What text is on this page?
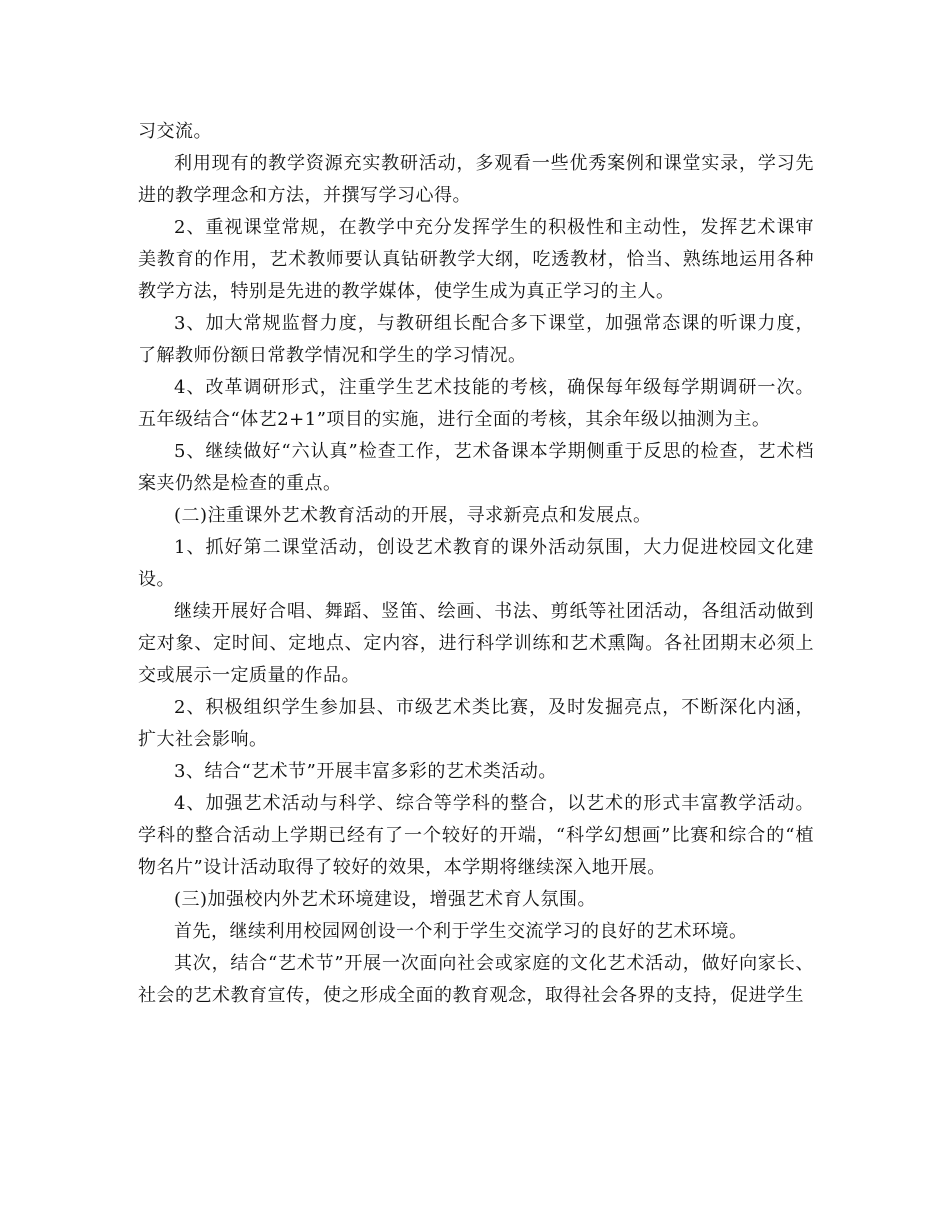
习交流。

利用现有的教学资源充实教研活动，多观看一些优秀案例和课堂实录，学习先进的教学理念和方法，并撰写学习心得。

2、重视课堂常规，在教学中充分发挥学生的积极性和主动性，发挥艺术课审美教育的作用，艺术教师要认真钻研教学大纲，吃透教材，恰当、熟练地运用各种教学方法，特别是先进的教学媒体，使学生成为真正学习的主人。

3、加大常规监督力度，与教研组长配合多下课堂，加强常态课的听课力度，了解教师份额日常教学情况和学生的学习情况。

4、改革调研形式，注重学生艺术技能的考核，确保每年级每学期调研一次。五年级结合“体艺2+1”项目的实施，进行全面的考核，其余年级以抽测为主。

5、继续做好“六认真”检查工作，艺术备课本学期侧重于反思的检查，艺术档案夹仍然是检查的重点。

(二)注重课外艺术教育活动的开展，寻求新亮点和发展点。

1、抓好第二课堂活动，创设艺术教育的课外活动氛围，大力促进校园文化建设。

继续开展好合唱、舞蹈、竖笛、绘画、书法、剪纸等社团活动，各组活动做到定对象、定时间、定地点、定内容，进行科学训练和艺术熏陶。各社团期末必须上交或展示一定质量的作品。

2、积极组织学生参加县、市级艺术类比赛，及时发掘亮点，不断深化内涵，扩大社会影响。

3、结合“艺术节”开展丰富多彩的艺术类活动。

4、加强艺术活动与科学、综合等学科的整合，以艺术的形式丰富教学活动。学科的整合活动上学期已经有了一个较好的开端，“科学幻想画”比赛和综合的“植物名片”设计活动取得了较好的效果，本学期将继续深入地开展。

(三)加强校内外艺术环境建设，增强艺术育人氛围。

首先，继续利用校园网创设一个利于学生交流学习的良好的艺术环境。

其次，结合“艺术节”开展一次面向社会或家庭的文化艺术活动，做好向家长、社会的艺术教育宣传，使之形成全面的教育观念，取得社会各界的支持，促进学生
